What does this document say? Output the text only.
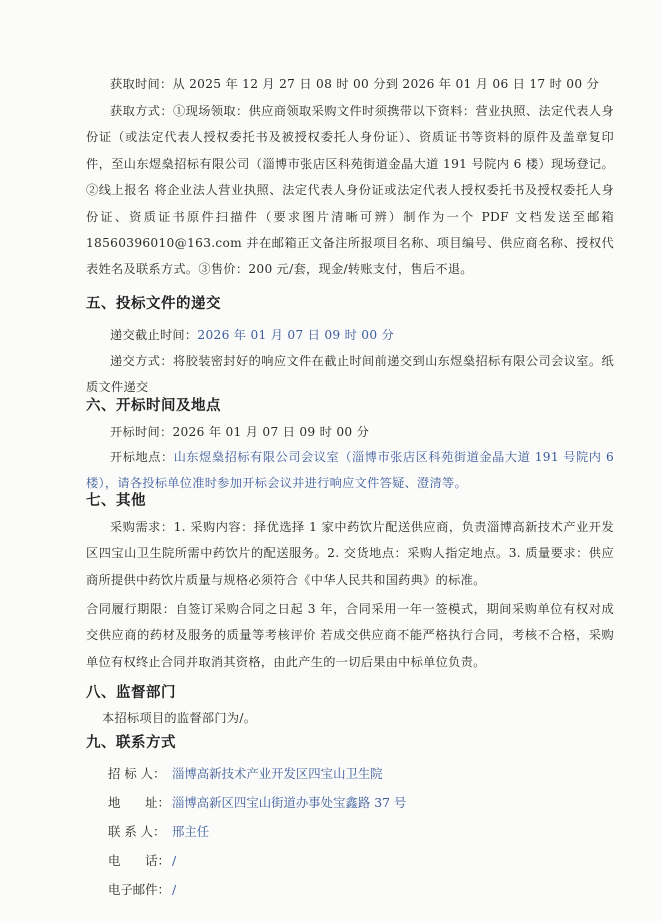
获取时间：从 2025 年 12 月 27 日 08 时 00 分到 2026 年 01 月 06 日 17 时 00 分

获取方式：①现场领取：供应商领取采购文件时须携带以下资料：营业执照、法定代表人身份证（或法定代表人授权委托书及被授权委托人身份证）、资质证书等资料的原件及盖章复印件，至山东煜燊招标有限公司（淄博市张店区科苑街道金晶大道 191 号院内 6 楼）现场登记。②线上报名 将企业法人营业执照、法定代表人身份证或法定代表人授权委托书及授权委托人身份证、资质证书原件扫描件（要求图片清晰可辨）制作为一个 PDF 文档发送至邮箱 18560396010@163.com 并在邮箱正文备注所报项目名称、项目编号、供应商名称、授权代表姓名及联系方式。③售价：200 元/套，现金/转账支付，售后不退。

五、投标文件的递交

递交截止时间：2026 年 01 月 07 日 09 时 00 分

递交方式：将胶装密封好的响应文件在截止时间前递交到山东煜燊招标有限公司会议室。纸质文件递交

六、开标时间及地点

开标时间：2026 年 01 月 07 日 09 时 00 分

开标地点：山东煜燊招标有限公司会议室（淄博市张店区科苑街道金晶大道 191 号院内 6 楼），请各投标单位准时参加开标会议并进行响应文件答疑、澄清等。

七、其他

采购需求：1. 采购内容：择优选择 1 家中药饮片配送供应商，负责淄博高新技术产业开发区四宝山卫生院所需中药饮片的配送服务。2. 交货地点：采购人指定地点。3. 质量要求：供应商所提供中药饮片质量与规格必须符合《中华人民共和国药典》的标准。

合同履行期限：自签订采购合同之日起 3 年，合同采用一年一签模式，期间采购单位有权对成交供应商的药材及服务的质量等考核评价 若成交供应商不能严格执行合同，考核不合格，采购单位有权终止合同并取消其资格，由此产生的一切后果由中标单位负责。

八、监督部门

本招标项目的监督部门为/。

九、联系方式
招 标 人： 淄博高新技术产业开发区四宝山卫生院
地　　址： 淄博高新区四宝山街道办事处宝鑫路 37 号
联 系 人： 邢主任
电　　话： /
电子邮件： /
